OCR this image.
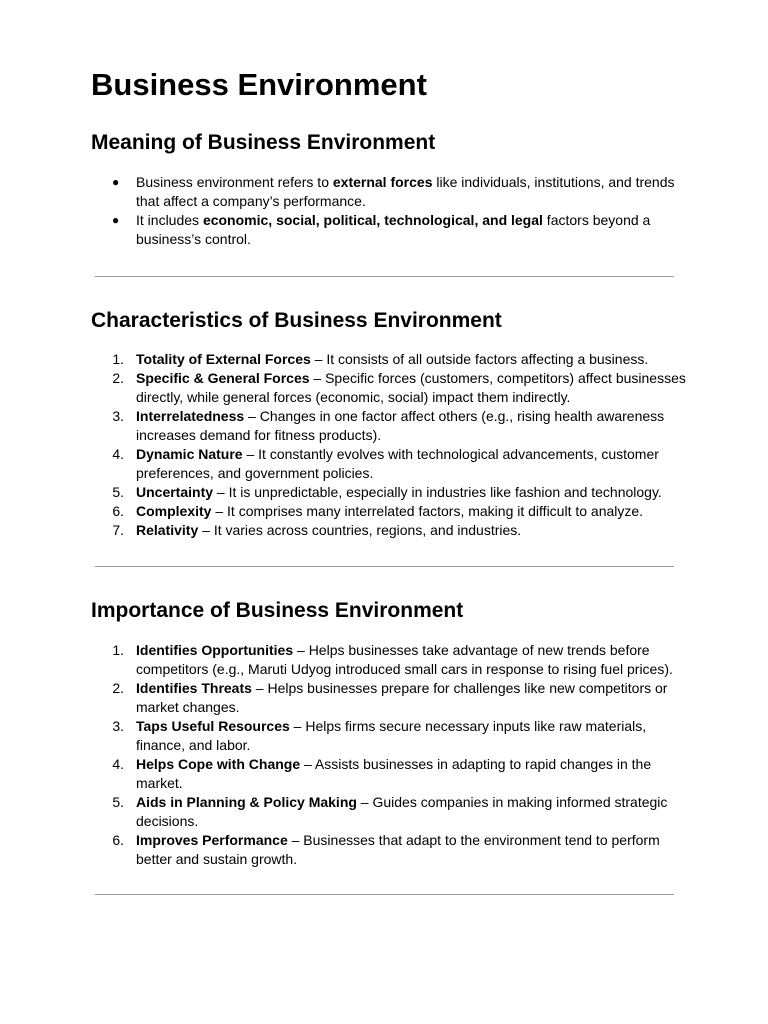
Business Environment
Meaning of Business Environment
● Business environment refers to external forces like individuals, institutions, and trends that affect a company’s performance.
● It includes economic, social, political, technological, and legal factors beyond a business’s control.
Characteristics of Business Environment
1. Totality of External Forces – It consists of all outside factors affecting a business.
2. Specific & General Forces – Specific forces (customers, competitors) affect businesses directly, while general forces (economic, social) impact them indirectly.
3. Interrelatedness – Changes in one factor affect others (e.g., rising health awareness increases demand for fitness products).
4. Dynamic Nature – It constantly evolves with technological advancements, customer preferences, and government policies.
5. Uncertainty – It is unpredictable, especially in industries like fashion and technology.
6. Complexity – It comprises many interrelated factors, making it difficult to analyze.
7. Relativity – It varies across countries, regions, and industries.
Importance of Business Environment
1. Identifies Opportunities – Helps businesses take advantage of new trends before competitors (e.g., Maruti Udyog introduced small cars in response to rising fuel prices).
2. Identifies Threats – Helps businesses prepare for challenges like new competitors or market changes.
3. Taps Useful Resources – Helps firms secure necessary inputs like raw materials, finance, and labor.
4. Helps Cope with Change – Assists businesses in adapting to rapid changes in the market.
5. Aids in Planning & Policy Making – Guides companies in making informed strategic decisions.
6. Improves Performance – Businesses that adapt to the environment tend to perform better and sustain growth.
